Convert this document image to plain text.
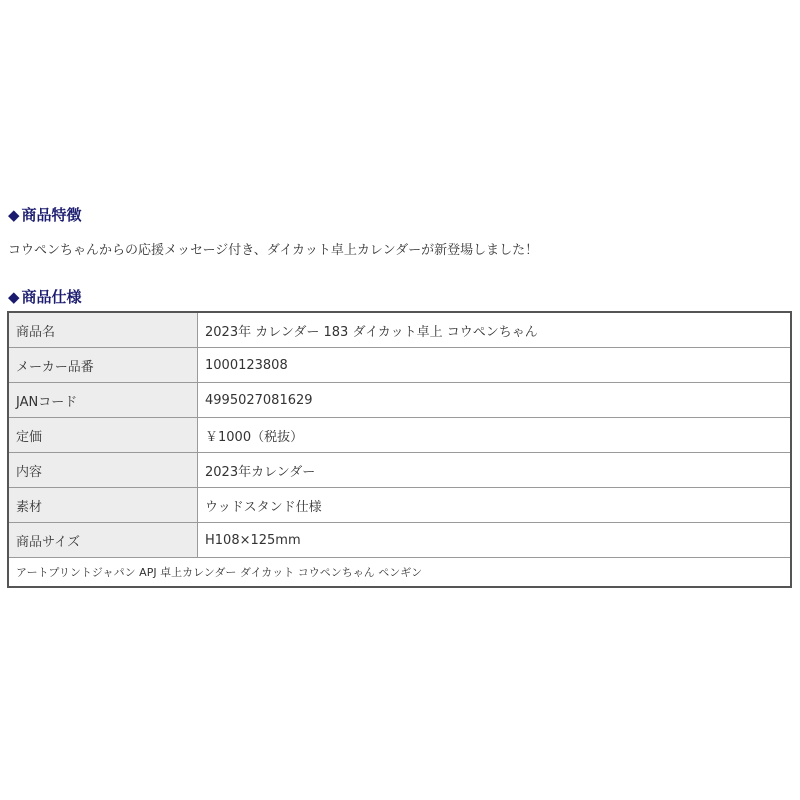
◆ 商品特徴
コウペンちゃんからの応援メッセージ付き、ダイカット卓上カレンダーが新登場しました！
◆ 商品仕様
商品名	2023年 カレンダー 183 ダイカット卓上 コウペンちゃん
メーカー品番	1000123808
JANコード	4995027081629
定価	￥1000（税抜）
内容	2023年カレンダー
素材	ウッドスタンド仕様
商品サイズ	H108×125mm
アートプリントジャパン APJ 卓上カレンダー ダイカット コウペンちゃん ペンギン	
